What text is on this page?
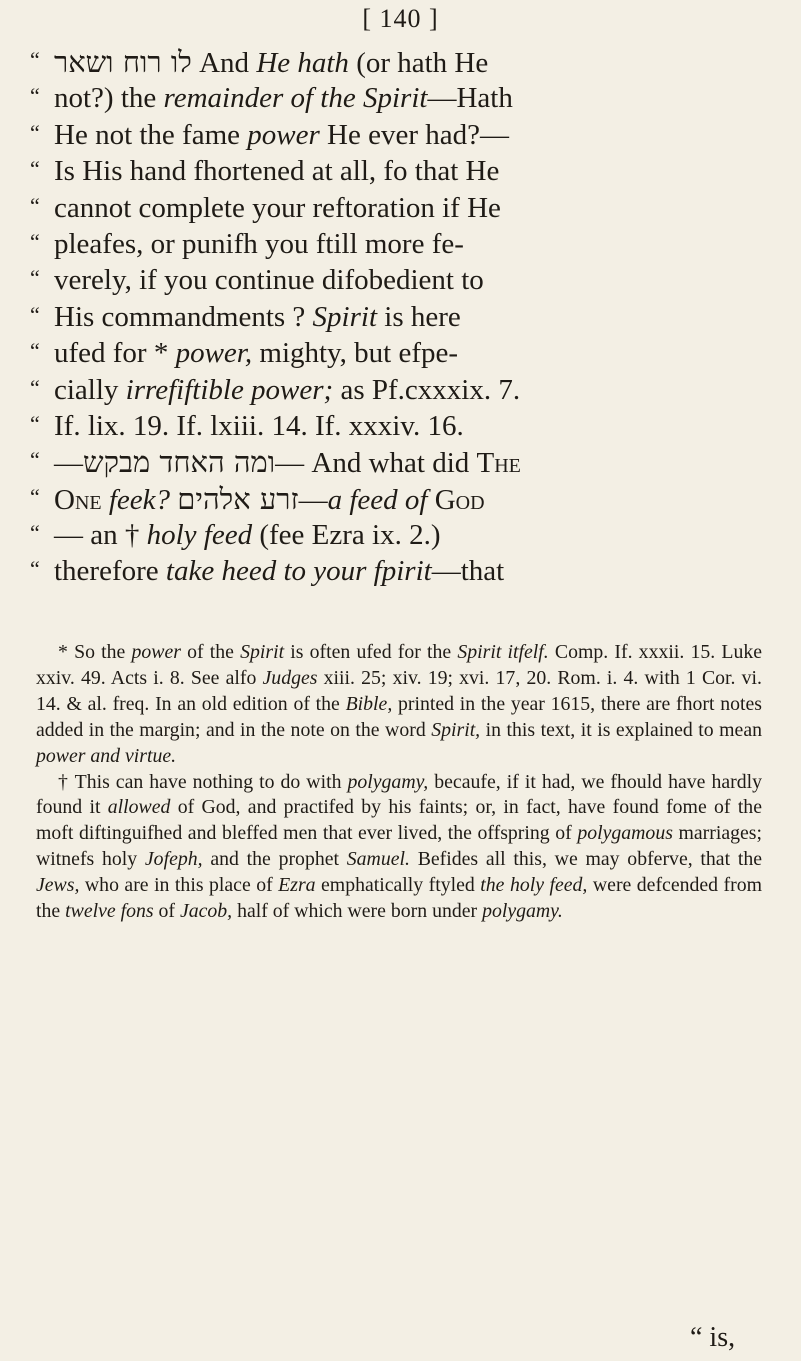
[ 140 ]
“ לו רוח ושאר And He hath (or hath He
“ not?) the remainder of the Spirit—Hath
“ He not the fame power He ever had?—
“ Is His hand fhortened at all, fo that He
“ cannot complete your reftoration if He
“ pleafes, or punifh you ftill more fe-
“ verely, if you continue difobedient to
“ His commandments ? Spirit is here
“ ufed for * power, mighty, but efpe-
“ cially irrefiftible power; as Pf.cxxxix. 7.
“ If. lix. 19. If. lxiii. 14. If. xxxiv. 16.
“ —ומה האחד מבקש— And what did The
“ One feek? זרע אלהים—a feed of God
“ — an † holy feed (fee Ezra ix. 2.)
“ therefore take heed to your fpirit—that

* So the power of the Spirit is often ufed for the Spirit itfelf. Comp. If. xxxii. 15. Luke xxiv. 49. Acts i. 8. See alfo Judges xiii. 25; xiv. 19; xvi. 17, 20. Rom. i. 4. with 1 Cor. vi. 14. & al. freq. In an old edition of the Bible, printed in the year 1615, there are fhort notes added in the margin; and in the note on the word Spirit, in this text, it is explained to mean power and virtue.

† This can have nothing to do with polygamy, becaufe, if it had, we fhould have hardly found it allowed of God, and practifed by his faints; or, in fact, have found fome of the moft diftinguifhed and bleffed men that ever lived, the offspring of polygamous marriages; witnefs holy Jofeph, and the prophet Samuel. Befides all this, we may obferve, that the Jews, who are in this place of Ezra emphatically ftyled the holy feed, were defcended from the twelve fons of Jacob, half of which were born under polygamy.

“ is,
